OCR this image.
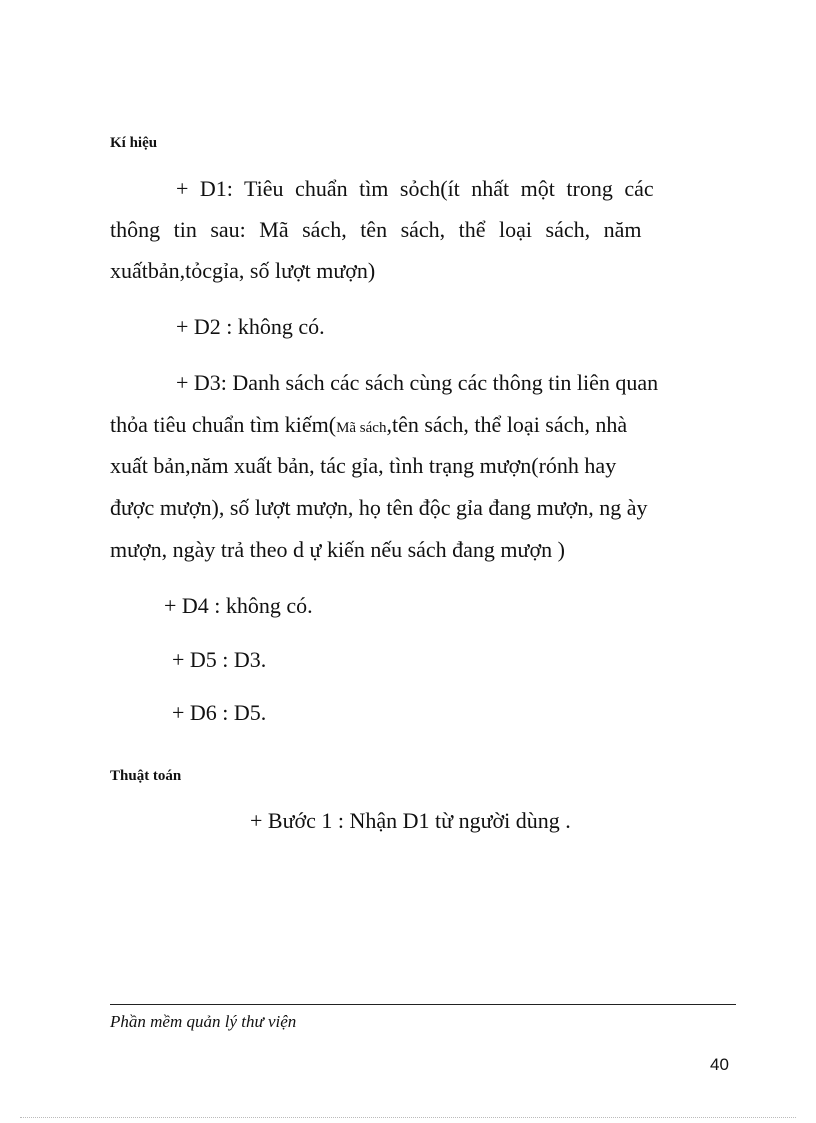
Kí hiệu
+ D1: Tiêu chuẩn tìm sỏch(ít nhất một trong các
thông tin sau: Mã sách, tên sách, thể loại sách, năm
xuấtbản,tỏcgỉa, số lượt mượn)
+ D2 : không có.
+ D3: Danh sách các sách cùng các thông tin liên quan
thỏa tiêu chuẩn tìm kiếm(Mã sách,tên sách, thể loại sách, nhà
xuất bản,năm xuất bản, tác gỉa, tình trạng mượn(rónh hay
được mượn), số lượt mượn, họ tên độc gỉa đang mượn, ng ày
mượn, ngày trả theo d ự kiến nếu sách đang mượn )
+ D4 : không có.
+ D5 : D3.
+ D6 : D5.
Thuật toán
+ Bước 1 : Nhận D1 từ người dùng .
Phần mềm quản lý thư viện
40
